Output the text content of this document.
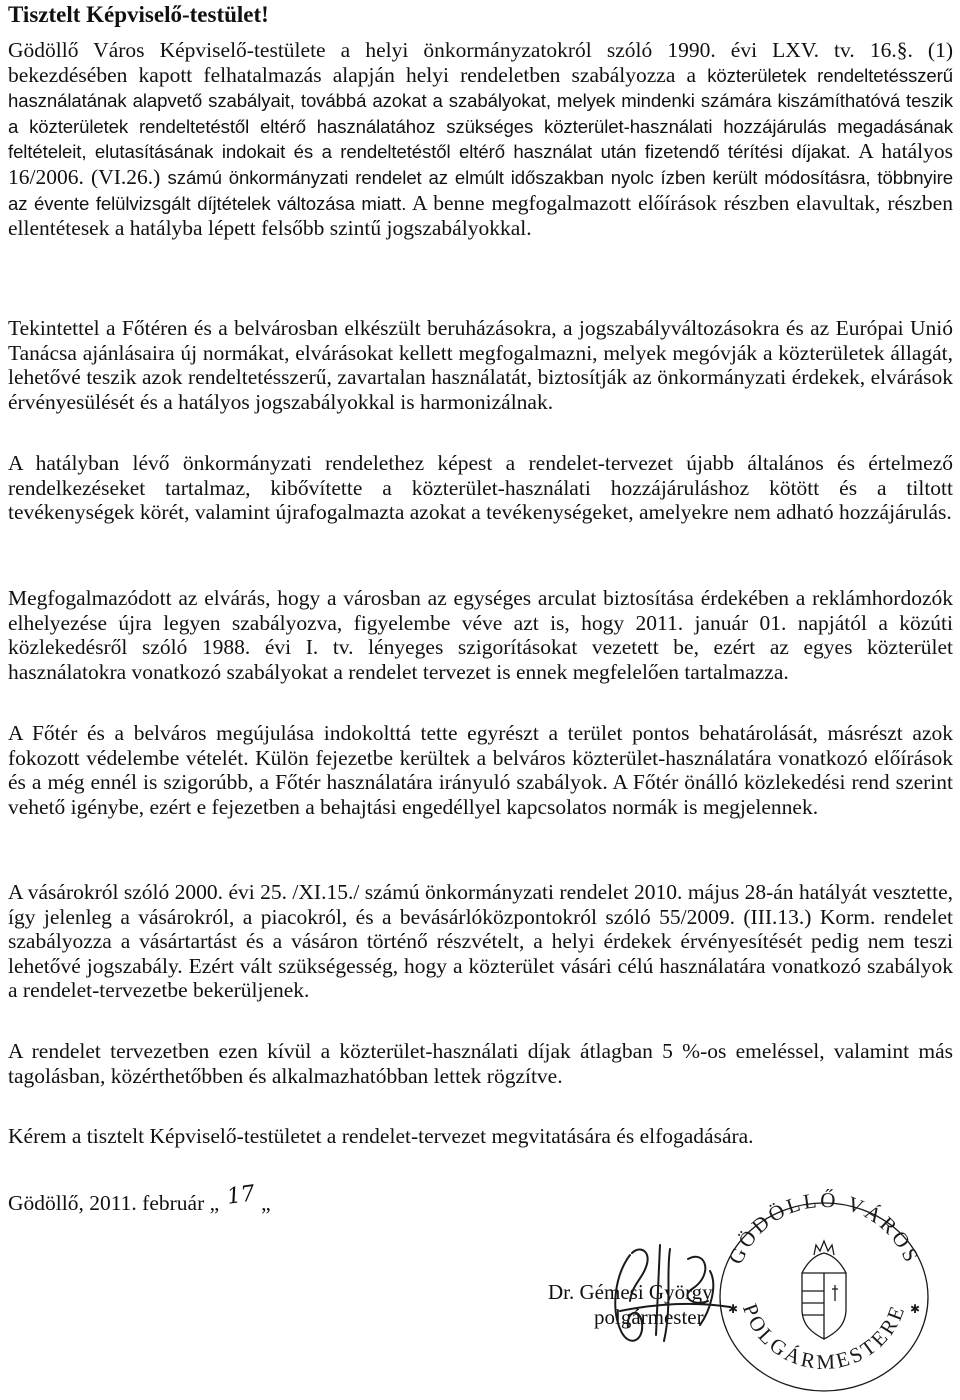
Tisztelt Képviselő-testület!

Gödöllő Város Képviselő-testülete a helyi önkormányzatokról szóló 1990. évi LXV. tv. 16.§. (1) bekezdésében kapott felhatalmazás alapján helyi rendeletben szabályozza a közterületek rendeltetésszerű használatának alapvető szabályait, továbbá azokat a szabályokat, melyek mindenki számára kiszámíthatóvá teszik a közterületek rendeltetéstől eltérő használatához szükséges közterület-használati hozzájárulás megadásának feltételeit, elutasításának indokait és a rendeltetéstől eltérő használat után fizetendő térítési díjakat. A hatályos 16/2006. (VI.26.) számú önkormányzati rendelet az elmúlt időszakban nyolc ízben került módosításra, többnyire az évente felülvizsgált díjtételek változása miatt. A benne megfogalmazott előírások részben elavultak, részben ellentétesek a hatályba lépett felsőbb szintű jogszabályokkal.

Tekintettel a Főtéren és a belvárosban elkészült beruházásokra, a jogszabályváltozásokra és az Európai Unió Tanácsa ajánlásaira új normákat, elvárásokat kellett megfogalmazni, melyek megóvják a közterületek állagát, lehetővé teszik azok rendeltetésszerű, zavartalan használatát, biztosítják az önkormányzati érdekek, elvárások érvényesülését és a hatályos jogszabályokkal is harmonizálnak.

A hatályban lévő önkormányzati rendelethez képest a rendelet-tervezet újabb általános és értelmező rendelkezéseket tartalmaz, kibővítette a közterület-használati hozzájáruláshoz kötött és a tiltott tevékenységek körét, valamint újrafogalmazta azokat a tevékenységeket, amelyekre nem adható hozzájárulás.

Megfogalmazódott az elvárás, hogy a városban az egységes arculat biztosítása érdekében a reklámhordozók elhelyezése újra legyen szabályozva, figyelembe véve azt is, hogy 2011. január 01. napjától a közúti közlekedésről szóló 1988. évi I. tv. lényeges szigorításokat vezetett be, ezért az egyes közterület használatokra vonatkozó szabályokat a rendelet tervezet is ennek megfelelően tartalmazza.

A Főtér és a belváros megújulása indokolttá tette egyrészt a terület pontos behatárolását, másrészt azok fokozott védelembe vételét. Külön fejezetbe kerültek a belváros közterület-használatára vonatkozó előírások és a még ennél is szigorúbb, a Főtér használatára irányuló szabályok. A Főtér önálló közlekedési rend szerint vehető igénybe, ezért e fejezetben a behajtási engedéllyel kapcsolatos normák is megjelennek.

A vásárokról szóló 2000. évi 25. /XI.15./ számú önkormányzati rendelet 2010. május 28-án hatályát vesztette, így jelenleg a vásárokról, a piacokról, és a bevásárlóközpontokról szóló 55/2009. (III.13.) Korm. rendelet szabályozza a vásártartást és a vásáron történő részvételt, a helyi érdekek érvényesítését pedig nem teszi lehetővé jogszabály. Ezért vált szükségesség, hogy a közterület vásári célú használatára vonatkozó szabályok a rendelet-tervezetbe bekerüljenek.

A rendelet tervezetben ezen kívül a közterület-használati díjak átlagban 5 %-os emeléssel, valamint más tagolásban, közérthetőbben és alkalmazhatóbban lettek rögzítve.

Kérem a tisztelt Képviselő-testületet a rendelet-tervezet megvitatására és elfogadására.

Gödöllő, 2011. február „ 17 „
Dr. Gémesi György
polgármester
GÖDÖLLŐ VÁROS
POLGÁRMESTERE
✱	✱
